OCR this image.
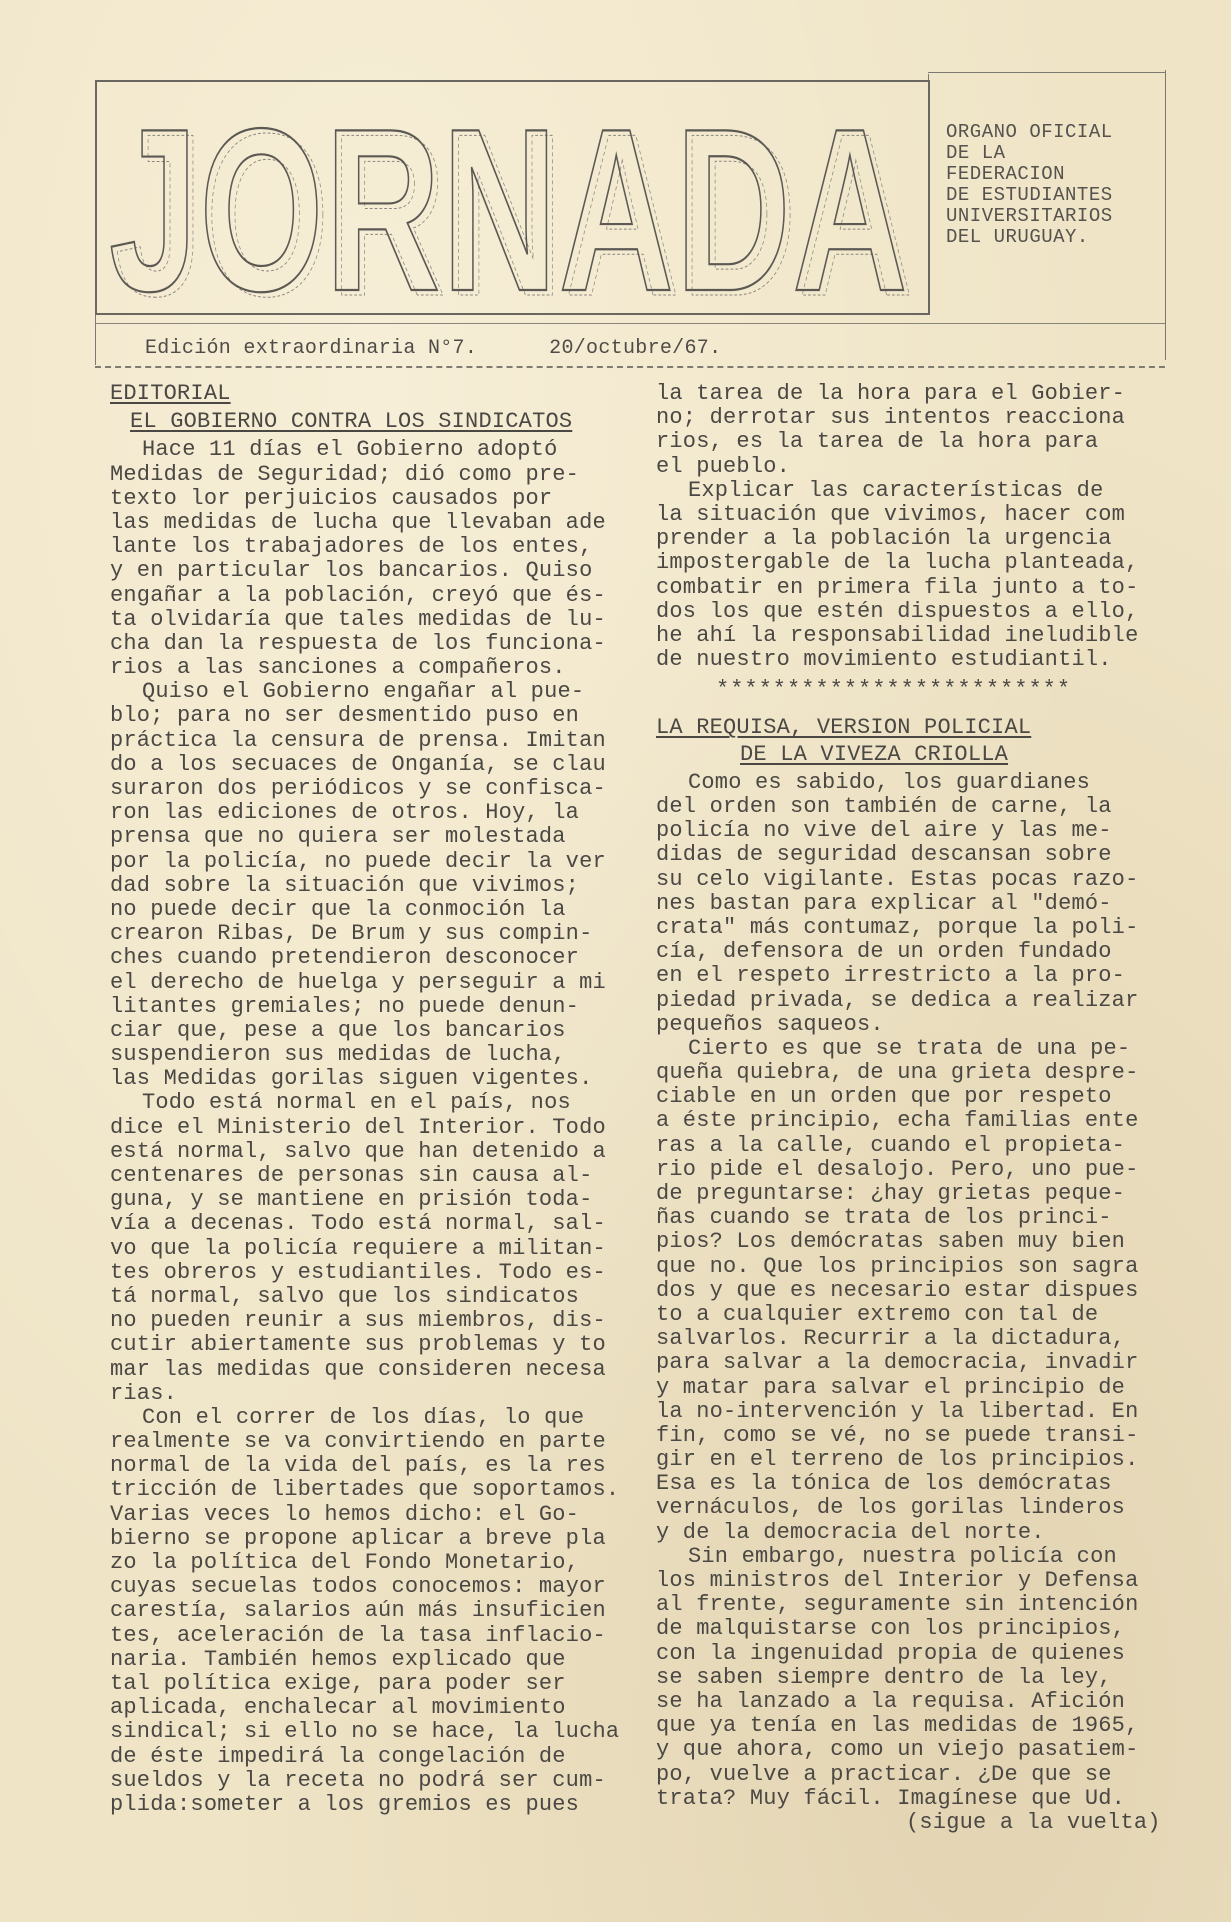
JORNADA
JORNADA ORGANO OFICIAL
DE LA
FEDERACION
DE ESTUDIANTES
UNIVERSITARIOS
DEL URUGUAY.
Edición extraordinaria N°7.	20/octubre/67.
EDITORIAL
EL GOBIERNO CONTRA LOS SINDICATOS
Hace 11 días el Gobierno adoptó
Medidas de Seguridad; dió como pre-
texto lor perjuicios causados por
las medidas de lucha que llevaban ade
lante los trabajadores de los entes,
y en particular los bancarios. Quiso
engañar a la población, creyó que és-
ta olvidaría que tales medidas de lu-
cha dan la respuesta de los funciona-
rios a las sanciones a compañeros.
Quiso el Gobierno engañar al pue-
blo; para no ser desmentido puso en
práctica la censura de prensa. Imitan
do a los secuaces de Onganía, se clau
suraron dos periódicos y se confisca-
ron las ediciones de otros. Hoy, la
prensa que no quiera ser molestada
por la policía, no puede decir la ver
dad sobre la situación que vivimos;
no puede decir que la conmoción la
crearon Ribas, De Brum y sus compin-
ches cuando pretendieron desconocer
el derecho de huelga y perseguir a mi
litantes gremiales; no puede denun-
ciar que, pese a que los bancarios
suspendieron sus medidas de lucha,
las Medidas gorilas siguen vigentes.
Todo está normal en el país, nos
dice el Ministerio del Interior. Todo
está normal, salvo que han detenido a
centenares de personas sin causa al-
guna, y se mantiene en prisión toda-
vía a decenas. Todo está normal, sal-
vo que la policía requiere a militan-
tes obreros y estudiantiles. Todo es-
tá normal, salvo que los sindicatos
no pueden reunir a sus miembros, dis-
cutir abiertamente sus problemas y to
mar las medidas que consideren necesa
rias.
Con el correr de los días, lo que
realmente se va convirtiendo en parte
normal de la vida del país, es la res
tricción de libertades que soportamos.
Varias veces lo hemos dicho: el Go-
bierno se propone aplicar a breve pla
zo la política del Fondo Monetario,
cuyas secuelas todos conocemos: mayor
carestía, salarios aún más insuficien
tes, aceleración de la tasa inflacio-
naria. También hemos explicado que
tal política exige, para poder ser
aplicada, enchalecar al movimiento
sindical; si ello no se hace, la lucha
de éste impedirá la congelación de
sueldos y la receta no podrá ser cum-
plida:someter a los gremios es pues
la tarea de la hora para el Gobier-
no; derrotar sus intentos reacciona
rios, es la tarea de la hora para
el pueblo.
Explicar las características de
la situación que vivimos, hacer com
prender a la población la urgencia
impostergable de la lucha planteada,
combatir en primera fila junto a to-
dos los que estén dispuestos a ello,
he ahí la responsabilidad ineludible
de nuestro movimiento estudiantil.
*************************
LA REQUISA, VERSION POLICIAL
DE LA VIVEZA CRIOLLA
Como es sabido, los guardianes
del orden son también de carne, la
policía no vive del aire y las me-
didas de seguridad descansan sobre
su celo vigilante. Estas pocas razo-
nes bastan para explicar al "demó-
crata" más contumaz, porque la poli-
cía, defensora de un orden fundado
en el respeto irrestricto a la pro-
piedad privada, se dedica a realizar
pequeños saqueos.
Cierto es que se trata de una pe-
queña quiebra, de una grieta despre-
ciable en un orden que por respeto
a éste principio, echa familias ente
ras a la calle, cuando el propieta-
rio pide el desalojo. Pero, uno pue-
de preguntarse: ¿hay grietas peque-
ñas cuando se trata de los princi-
pios? Los demócratas saben muy bien
que no. Que los principios son sagra
dos y que es necesario estar dispues
to a cualquier extremo con tal de
salvarlos. Recurrir a la dictadura,
para salvar a la democracia, invadir
y matar para salvar el principio de
la no-intervención y la libertad. En
fin, como se vé, no se puede transi-
gir en el terreno de los principios.
Esa es la tónica de los demócratas
vernáculos, de los gorilas linderos
y de la democracia del norte.
Sin embargo, nuestra policía con
los ministros del Interior y Defensa
al frente, seguramente sin intención
de malquistarse con los principios,
con la ingenuidad propia de quienes
se saben siempre dentro de la ley,
se ha lanzado a la requisa. Afición
que ya tenía en las medidas de 1965,
y que ahora, como un viejo pasatiem-
po, vuelve a practicar. ¿De que se
trata? Muy fácil. Imagínese que Ud.
(sigue a la vuelta)
